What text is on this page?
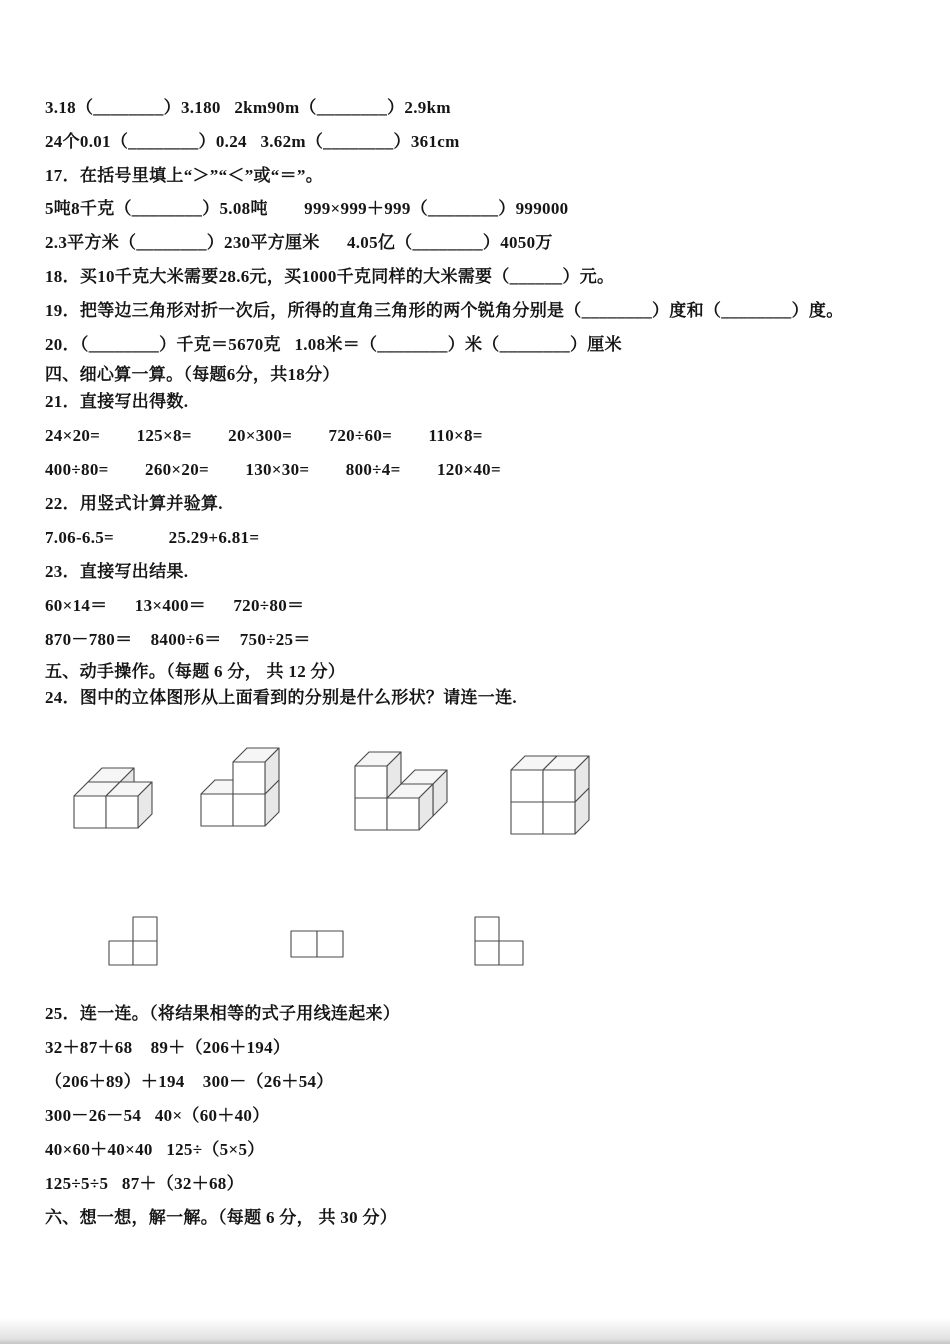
3.18（________）3.180   2km90m（________）2.9km
24个0.01（________）0.24   3.62m（________）361cm
17．在括号里填上“＞”“＜”或“＝”。
5吨8千克（________）5.08吨        999×999＋999（________）999000
2.3平方米（________）230平方厘米      4.05亿（________）4050万
18．买10千克大米需要28.6元，买1000千克同样的大米需要（______）元。
19．把等边三角形对折一次后，所得的直角三角形的两个锐角分别是（________）度和（________）度。
20．（________）千克＝5670克   1.08米＝（________）米（________）厘米
四、细心算一算。（每题6分，共18分）
21．直接写出得数.
24×20=        125×8=        20×300=        720÷60=        110×8=
400÷80=        260×20=        130×30=        800÷4=        120×40=
22．用竖式计算并验算.
7.06-6.5=            25.29+6.81=
23．直接写出结果.
60×14＝      13×400＝      720÷80＝
870－780＝    8400÷6＝    750÷25＝
五、动手操作。（每题 6 分， 共 12 分）
24．图中的立体图形从上面看到的分别是什么形状？请连一连.
25．连一连。（将结果相等的式子用线连起来）
32＋87＋68    89＋（206＋194）
（206＋89）＋194    300－（26＋54）
300－26－54   40×（60＋40）
40×60＋40×40   125÷（5×5）
125÷5÷5   87＋（32＋68）
六、想一想，解一解。（每题 6 分， 共 30 分）
